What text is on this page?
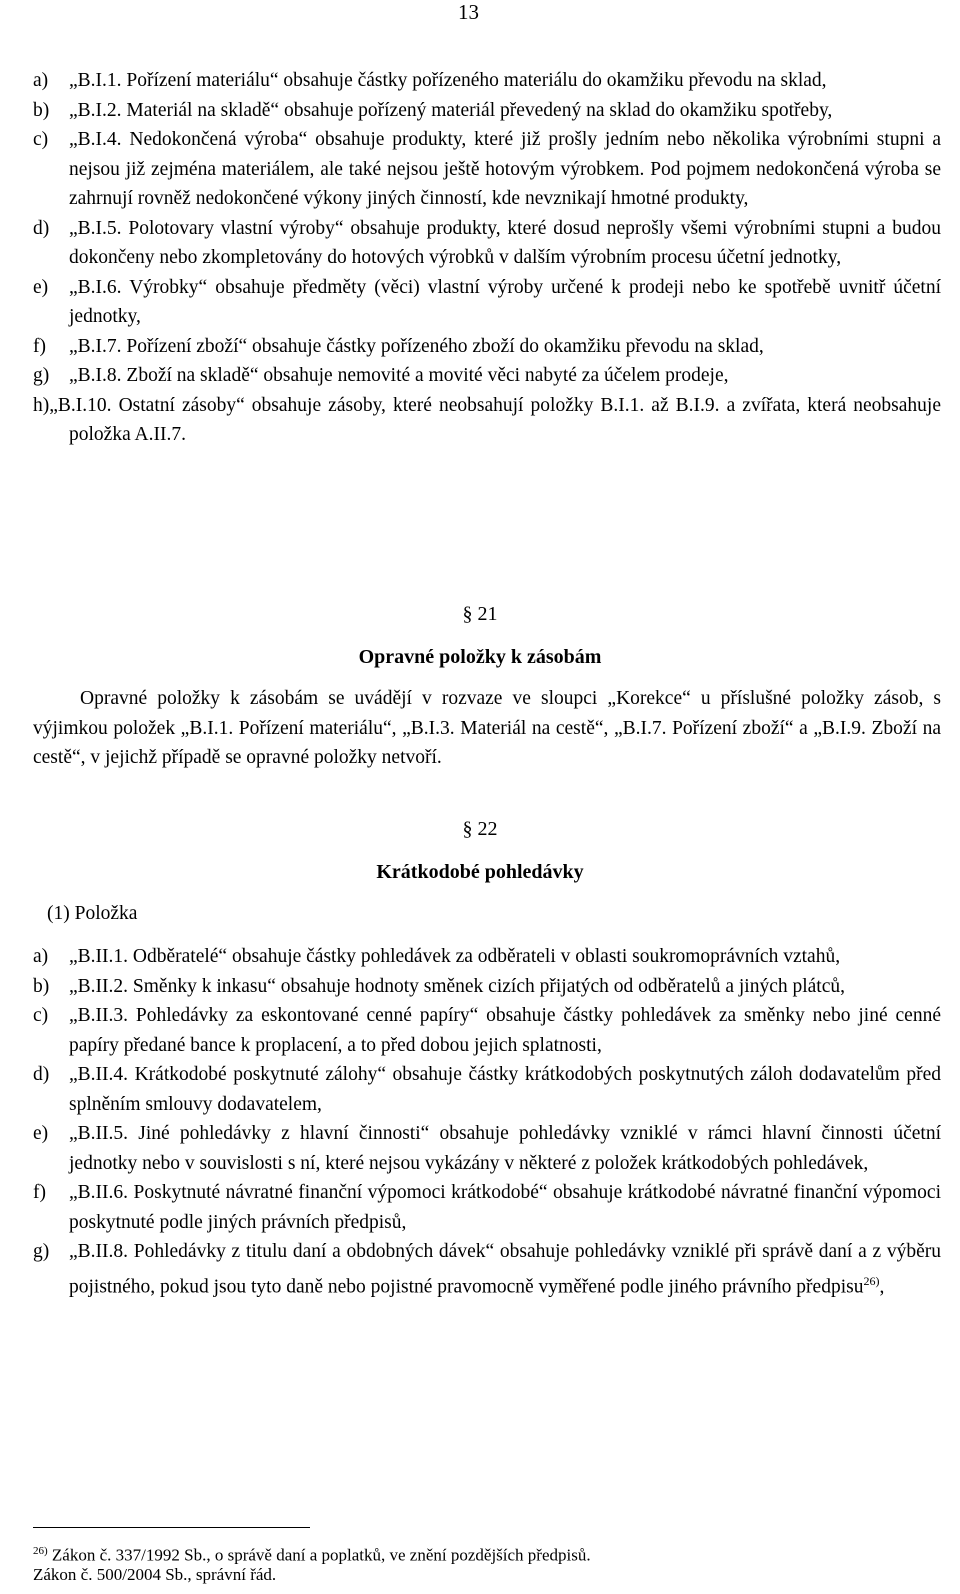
13
a)	„B.I.1. Pořízení materiálu“ obsahuje částky pořízeného materiálu do okamžiku převodu na sklad,
b)	„B.I.2. Materiál na skladě“ obsahuje pořízený materiál převedený na sklad do okamžiku spotřeby,
c)	„B.I.4. Nedokončená výroba“ obsahuje produkty, které již prošly jedním nebo několika výrobními stupni a nejsou již zejména materiálem, ale také nejsou ještě hotovým výrobkem. Pod pojmem nedokončená výroba se zahrnují rovněž nedokončené výkony jiných činností, kde nevznikají hmotné produkty,
d)	„B.I.5. Polotovary vlastní výroby“ obsahuje produkty, které dosud neprošly všemi výrobními stupni a budou dokončeny nebo zkompletovány do hotových výrobků v dalším výrobním procesu účetní jednotky,
e)	„B.I.6. Výrobky“ obsahuje předměty (věci) vlastní výroby určené k prodeji nebo ke spotřebě uvnitř účetní jednotky,
f)	„B.I.7. Pořízení zboží“ obsahuje částky pořízeného zboží do okamžiku převodu na sklad,
g)	„B.I.8. Zboží na skladě“ obsahuje nemovité a movité věci nabyté za účelem prodeje,
h)„B.I.10. Ostatní zásoby“ obsahuje zásoby, které neobsahují položky B.I.1. až B.I.9. a zvířata, která neobsahuje položka A.II.7.
§ 21
Opravné položky k zásobám
Opravné položky k zásobám se uvádějí v rozvaze ve sloupci „Korekce“ u příslušné položky zásob, s výjimkou položek „B.I.1. Pořízení materiálu“, „B.I.3. Materiál na cestě“, „B.I.7. Pořízení zboží“ a „B.I.9. Zboží na cestě“, v jejichž případě se opravné položky netvoří.
§ 22
Krátkodobé pohledávky
(1) Položka
a)	„B.II.1. Odběratelé“ obsahuje částky pohledávek za odběrateli v oblasti soukromoprávních vztahů,
b)	„B.II.2. Směnky k inkasu“ obsahuje hodnoty směnek cizích přijatých od odběratelů a jiných plátců,
c)	„B.II.3. Pohledávky za eskontované cenné papíry“ obsahuje částky pohledávek za směnky nebo jiné cenné papíry předané bance k proplacení, a to před dobou jejich splatnosti,
d)	„B.II.4. Krátkodobé poskytnuté zálohy“ obsahuje částky krátkodobých poskytnutých záloh dodavatelům před splněním smlouvy dodavatelem,
e)	„B.II.5. Jiné pohledávky z hlavní činnosti“ obsahuje pohledávky vzniklé v rámci hlavní činnosti účetní jednotky nebo v souvislosti s ní, které nejsou vykázány v některé z položek krátkodobých pohledávek,
f)	„B.II.6. Poskytnuté návratné finanční výpomoci krátkodobé“ obsahuje krátkodobé návratné finanční výpomoci poskytnuté podle jiných právních předpisů,
g)	„B.II.8. Pohledávky z titulu daní a obdobných dávek“ obsahuje pohledávky vzniklé při správě daní a z výběru pojistného, pokud jsou tyto daně nebo pojistné pravomocně vyměřené podle jiného právního předpisu$^{26)}$,
$^{26)}$ Zákon č. 337/1992 Sb., o správě daní a poplatků, ve znění pozdějších předpisů.
Zákon č. 500/2004 Sb., správní řád.
